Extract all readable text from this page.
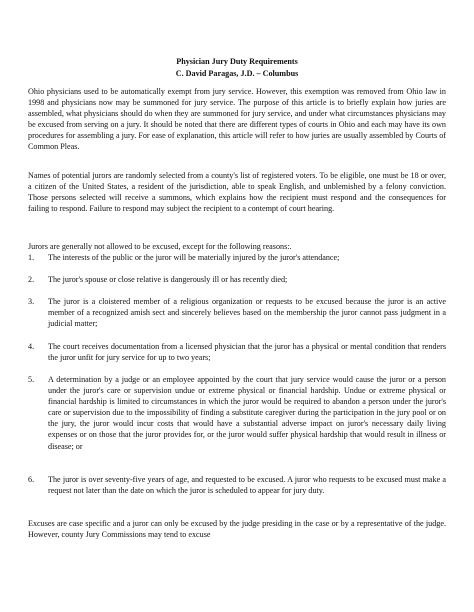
Physician Jury Duty Requirements
C. David Paragas, J.D. – Columbus

Ohio physicians used to be automatically exempt from jury service. However, this exemption was removed from Ohio law in 1998 and physicians now may be summoned for jury service. The purpose of this article is to briefly explain how juries are assembled, what physicians should do when they are summoned for jury service, and under what circumstances physicians may be excused from serving on a jury. It should be noted that there are different types of courts in Ohio and each may have its own procedures for assembling a jury. For ease of explanation, this article will refer to how juries are usually assembled by Courts of Common Pleas.

Names of potential jurors are randomly selected from a county's list of registered voters. To be eligible, one must be 18 or over, a citizen of the United States, a resident of the jurisdiction, able to speak English, and unblemished by a felony conviction. Those persons selected will receive a summons, which explains how the recipient must respond and the consequences for failing to respond. Failure to respond may subject the recipient to a contempt of court hearing.

Jurors are generally not allowed to be excused, except for the following reasons:.

1.	The interests of the public or the juror will be materially injured by the juror's attendance;
2.	The juror's spouse or close relative is dangerously ill or has recently died;
3.	The juror is a cloistered member of a religious organization or requests to be excused because the juror is an active member of a recognized amish sect and sincerely believes based on the membership the juror cannot pass judgment in a judicial matter;
4.	The court receives documentation from a licensed physician that the juror has a physical or mental condition that renders the juror unfit for jury service for up to two years;
5.	A determination by a judge or an employee appointed by the court that jury service would cause the juror or a person under the juror's care or supervision undue or extreme physical or financial hardship. Undue or extreme physical or financial hardship is limited to circumstances in which the juror would be required to abandon a person under the juror's care or supervision due to the impossibility of finding a substitute caregiver during the participation in the jury pool or on the jury, the juror would incur costs that would have a substantial adverse impact on juror's necessary daily living expenses or on those that the juror provides for, or the juror would suffer physical hardship that would result in illness or disease; or
6.	The juror is over seventy-five years of age, and requested to be excused. A juror who requests to be excused must make a request not later than the date on which the juror is scheduled to appear for jury duty.

Excuses are case specific and a juror can only be excused by the judge presiding in the case or by a representative of the judge. However, county Jury Commissions may tend to excuse
